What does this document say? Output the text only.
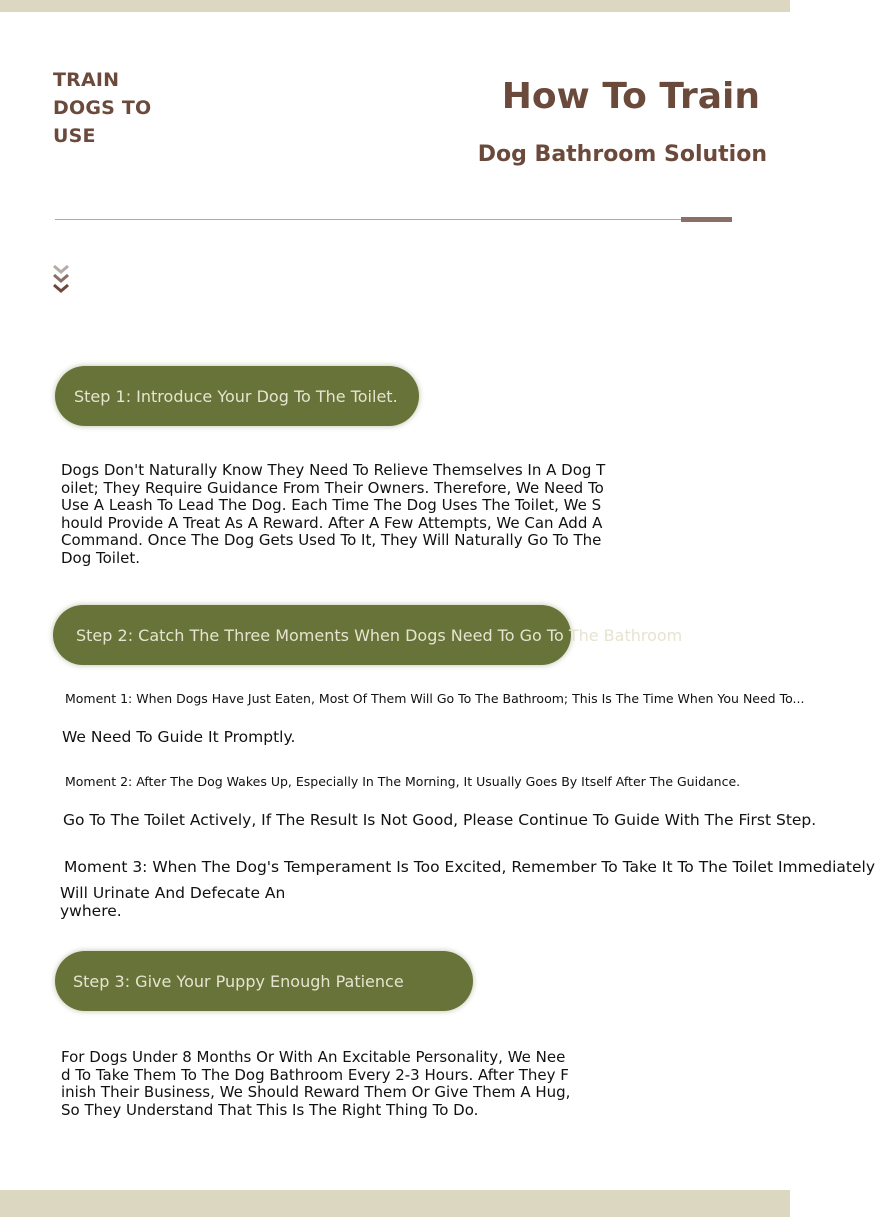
TRAIN DOGS TO USE
How To Train
Dog Bathroom Solution
Step 1: Introduce Your Dog To The Toilet.
Dogs Don't Naturally Know They Need To Relieve Themselves In A Dog Toilet; They Require Guidance From Their Owners. Therefore, We Need To Use A Leash To Lead The Dog. Each Time The Dog Uses The Toilet, We Should Provide A Treat As A Reward. After A Few Attempts, We Can Add A Command. Once The Dog Gets Used To It, They Will Naturally Go To The Dog Toilet.
Step 2: Catch The Three Moments When Dogs Need To Go To The Bathroom
Moment 1: When Dogs Have Just Eaten, Most Of Them Will Go To The Bathroom; This Is The Time When You Need To...
We Need To Guide It Promptly.
Moment 2: After The Dog Wakes Up, Especially In The Morning, It Usually Goes By Itself After The Guidance.
Go To The Toilet Actively, If The Result Is Not Good, Please Continue To Guide With The First Step.
Moment 3: When The Dog's Temperament Is Too Excited, Remember To Take It To The Toilet Immediately
Will Urinate And Defecate Anywhere.
Step 3: Give Your Puppy Enough Patience
For Dogs Under 8 Months Or With An Excitable Personality, We Need To Take Them To The Dog Bathroom Every 2-3 Hours. After They Finish Their Business, We Should Reward Them Or Give Them A Hug, So They Understand That This Is The Right Thing To Do.
